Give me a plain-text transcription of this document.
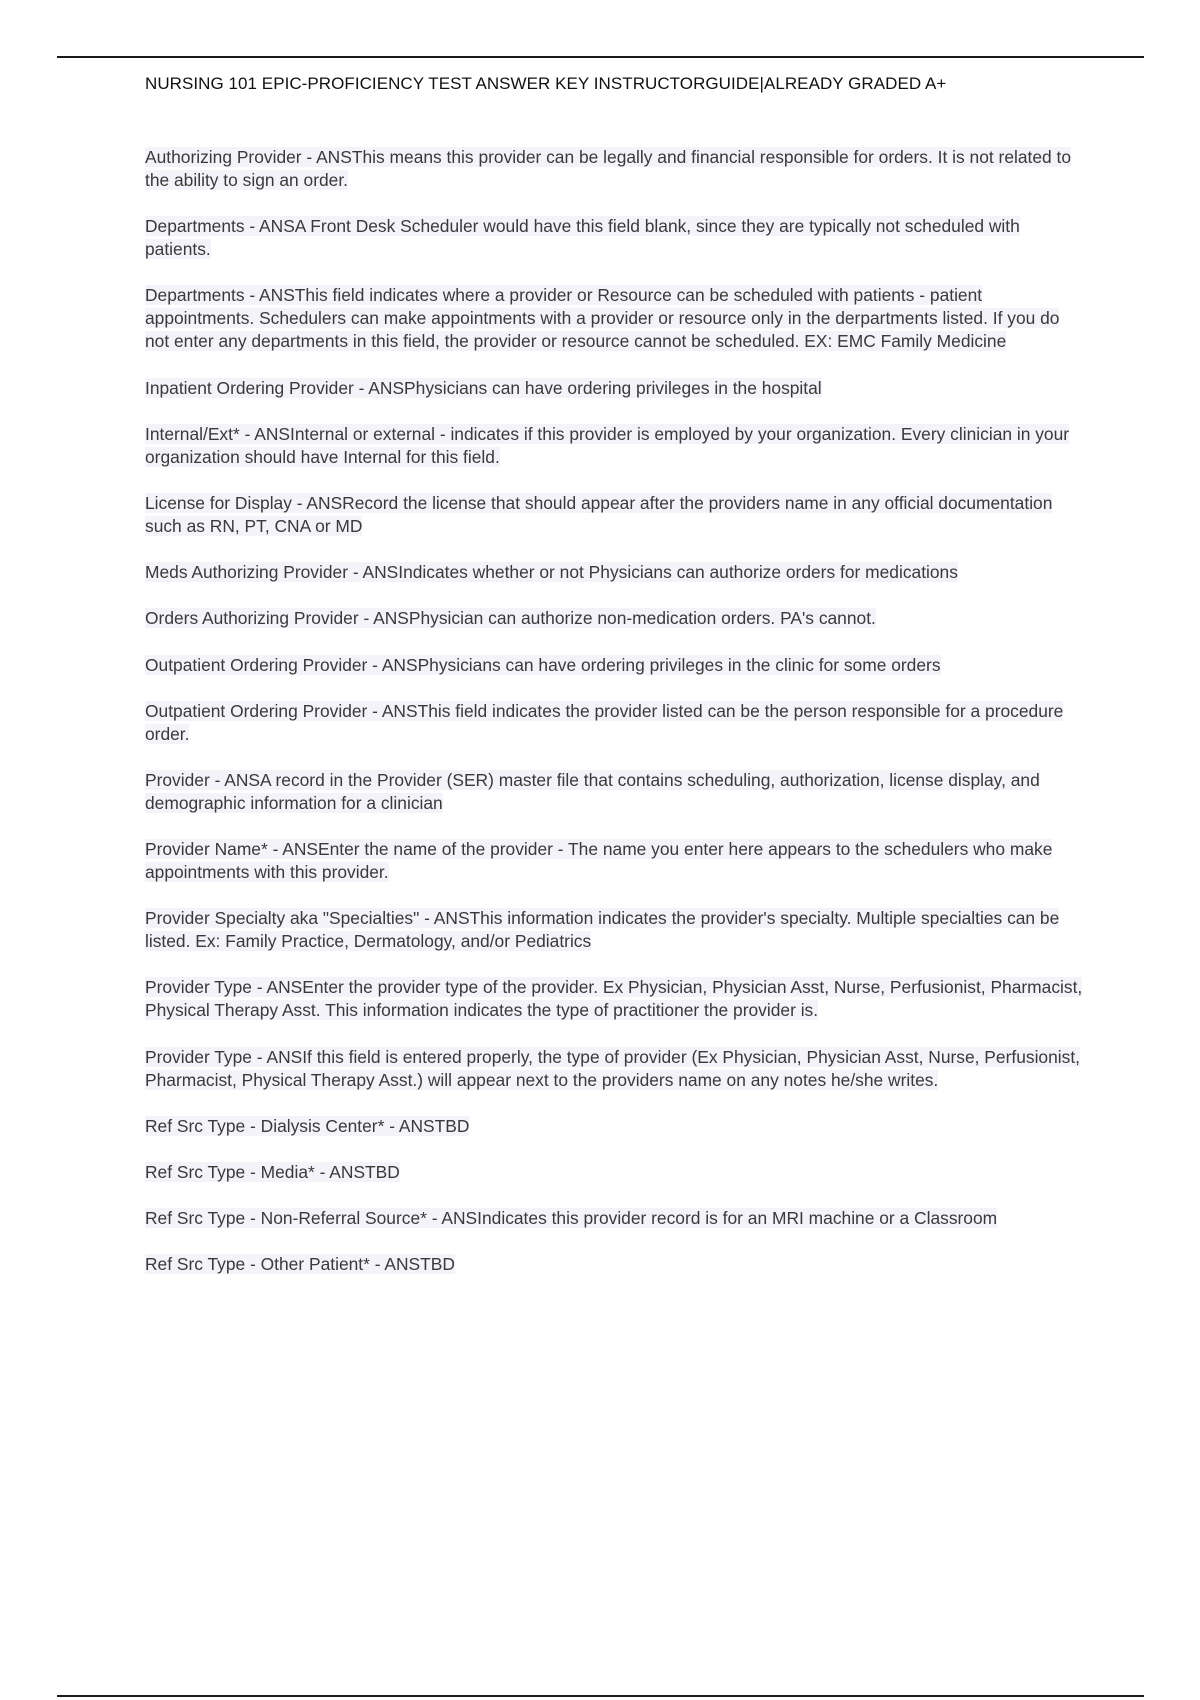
NURSING 101 EPIC-PROFICIENCY TEST ANSWER KEY INSTRUCTORGUIDE|ALREADY GRADED A+
Authorizing Provider - ANSThis means this provider can be legally and financial responsible for orders. It is not related to the ability to sign an order.
Departments - ANSA Front Desk Scheduler would have this field blank, since they are typically not scheduled with patients.
Departments - ANSThis field indicates where a provider or Resource can be scheduled with patients - patient appointments. Schedulers can make appointments with a provider or resource only in the derpartments listed. If you do not enter any departments in this field, the provider or resource cannot be scheduled. EX: EMC Family Medicine
Inpatient Ordering Provider - ANSPhysicians can have ordering privileges in the hospital
Internal/Ext* - ANSInternal or external - indicates if this provider is employed by your organization. Every clinician in your organization should have Internal for this field.
License for Display - ANSRecord the license that should appear after the providers name in any official documentation such as RN, PT, CNA or MD
Meds Authorizing Provider - ANSIndicates whether or not Physicians can authorize orders for medications
Orders Authorizing Provider - ANSPhysician can authorize non-medication orders. PA's cannot.
Outpatient Ordering Provider - ANSPhysicians can have ordering privileges in the clinic for some orders
Outpatient Ordering Provider - ANSThis field indicates the provider listed can be the person responsible for a procedure order.
Provider - ANSA record in the Provider (SER) master file that contains scheduling, authorization, license display, and demographic information for a clinician
Provider Name* - ANSEnter the name of the provider - The name you enter here appears to the schedulers who make appointments with this provider.
Provider Specialty aka "Specialties" - ANSThis information indicates the provider's specialty. Multiple specialties can be listed. Ex: Family Practice, Dermatology, and/or Pediatrics
Provider Type - ANSEnter the provider type of the provider. Ex Physician, Physician Asst, Nurse, Perfusionist, Pharmacist, Physical Therapy Asst. This information indicates the type of practitioner the provider is.
Provider Type - ANSIf this field is entered properly, the type of provider (Ex Physician, Physician Asst, Nurse, Perfusionist, Pharmacist, Physical Therapy Asst.) will appear next to the providers name on any notes he/she writes.
Ref Src Type - Dialysis Center* - ANSTBD
Ref Src Type - Media* - ANSTBD
Ref Src Type - Non-Referral Source* - ANSIndicates this provider record is for an MRI machine or a Classroom
Ref Src Type - Other Patient* - ANSTBD
